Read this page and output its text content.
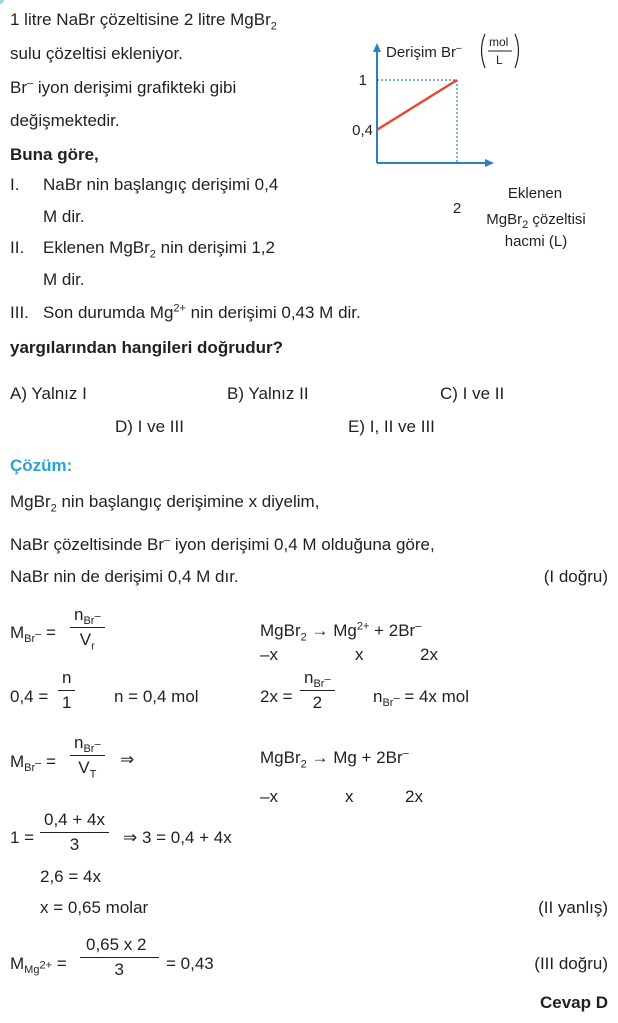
1 litre NaBr çözeltisine 2 litre MgBr$_2$
sulu çözeltisi ekleniyor.
Br– iyon derişimi grafikteki gibi
değişmektedir.
Buna göre,
I. NaBr nin başlangıç derişimi 0,4
M dir.
II. Eklenen MgBr$_2$ nin derişimi 1,2
M dir.
III. Son durumda $Mg^{2+}$ nin derişimi 0,43 M dir.
yargılarından hangileri doğrudur?
A) Yalnız I	B) Yalnız II	C) I ve II
D) I ve III	E) I, II ve III
Derişim Br– mol
L
1
0,4
2
Eklenen
MgBr$_2$ çözeltisi
hacmi (L)
Çözüm:
MgBr$_2$ nin başlangıç derişimine x diyelim,
NaBr çözeltisinde Br– iyon derişimi 0,4 M olduğuna göre,
NaBr nin de derişimi 0,4 M dır.	(I doğru)
$M_{Br^-}$ =
$n_{Br^-}$
$V_r$
MgBr$_2$ → $Mg^{2+} + 2Br^-$
–x	x	2x
$0,4 = \frac{n}{1}$ n = 0,4 mol	2x =
$n_{Br^-}$
2	$n_{Br^-} = 4x$ mol
$M_{Br^-}$ =
$n_{Br^-}$
$V_T$
⇒	MgBr$_2$ → Mg + 2Br–
–x	x	2x
$1 = \frac{0,4 + 4x}{3}$ ⇒ 3 = 0,4 + 4x
2,6 = 4x
x = 0,65 molar	(II yanlış)
$M_{Mg^{2+}} = \frac{0,65 x 2}{3} = 0,43$	(III doğru)
Cevap D
